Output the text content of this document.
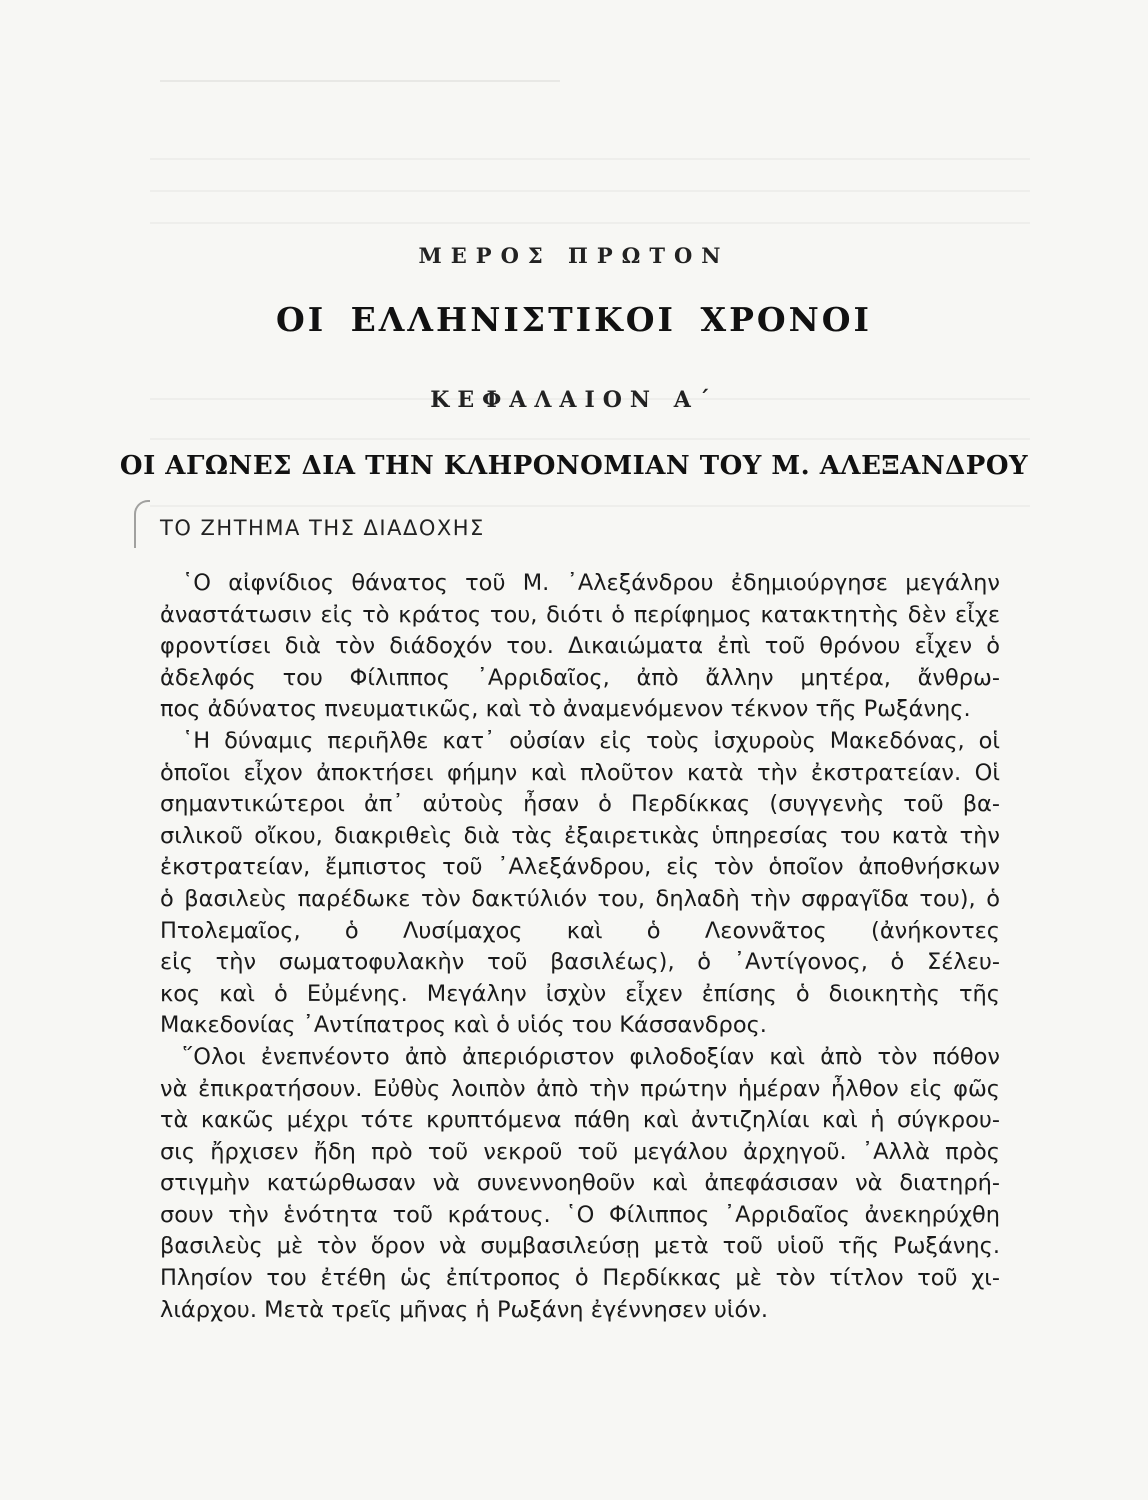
ΜΕΡΟΣ ΠΡΩΤΟΝ
ΟΙ ΕΛΛΗΝΙΣΤΙΚΟΙ ΧΡΟΝΟΙ
ΚΕΦΑΛΑΙΟΝ Α΄
ΟΙ ΑΓΩΝΕΣ ΔΙΑ ΤΗΝ ΚΛΗΡΟΝΟΜΙΑΝ ΤΟΥ Μ. ΑΛΕΞΑΝΔΡΟΥ
ΤΟ ΖΗΤΗΜΑ ΤΗΣ ΔΙΑΔΟΧΗΣ

῾Ο αἰφνίδιος θάνατος τοῦ Μ. ᾿Αλεξάνδρου ἐδημιούργησε μεγάλην
ἀναστάτωσιν εἰς τὸ κράτος του, διότι ὁ περίφημος κατακτητὴς δὲν εἶχε
φροντίσει διὰ τὸν διάδοχόν του. Δικαιώματα ἐπὶ τοῦ θρόνου εἶχεν ὁ
ἀδελφός του Φίλιππος ᾿Αρριδαῖος, ἀπὸ ἄλλην μητέρα, ἄνθρω-
πος ἀδύνατος πνευματικῶς, καὶ τὸ ἀναμενόμενον τέκνον τῆς Ρωξάνης.

῾Η δύναμις περιῆλθε κατ᾿ οὐσίαν εἰς τοὺς ἰσχυροὺς Μακεδόνας, οἱ
ὁποῖοι εἶχον ἀποκτήσει φήμην καὶ πλοῦτον κατὰ τὴν ἐκστρατείαν. Οἱ
σημαντικώτεροι ἀπ᾿ αὐτοὺς ἦσαν ὁ Περδίκκας (συγγενὴς τοῦ βα-
σιλικοῦ οἴκου, διακριθεὶς διὰ τὰς ἐξαιρετικὰς ὑπηρεσίας του κατὰ τὴν
ἐκστρατείαν, ἔμπιστος τοῦ ᾿Αλεξάνδρου, εἰς τὸν ὁποῖον ἀποθνήσκων
ὁ βασιλεὺς παρέδωκε τὸν δακτύλιόν του, δηλαδὴ τὴν σφραγῖδα του), ὁ
Πτολεμαῖος, ὁ Λυσίμαχος καὶ ὁ Λεοννᾶτος (ἀνήκοντες
εἰς τὴν σωματοφυλακὴν τοῦ βασιλέως), ὁ ᾿Αντίγονος, ὁ Σέλευ-
κος καὶ ὁ Εὐμένης. Μεγάλην ἰσχὺν εἶχεν ἐπίσης ὁ διοικητὴς τῆς
Μακεδονίας ᾿Αντίπατρος καὶ ὁ υἱός του Κάσσανδρος.

῞Ολοι ἐνεπνέοντο ἀπὸ ἀπεριόριστον φιλοδοξίαν καὶ ἀπὸ τὸν πόθον
νὰ ἐπικρατήσουν. Εὐθὺς λοιπὸν ἀπὸ τὴν πρώτην ἡμέραν ἦλθον εἰς φῶς
τὰ κακῶς μέχρι τότε κρυπτόμενα πάθη καὶ ἀντιζηλίαι καὶ ἡ σύγκρου-
σις ἤρχισεν ἤδη πρὸ τοῦ νεκροῦ τοῦ μεγάλου ἀρχηγοῦ. ᾿Αλλὰ πρὸς
στιγμὴν κατώρθωσαν νὰ συνεννοηθοῦν καὶ ἀπεφάσισαν νὰ διατηρή-
σουν τὴν ἑνότητα τοῦ κράτους. ῾Ο Φίλιππος ᾿Αρριδαῖος ἀνεκηρύχθη
βασιλεὺς μὲ τὸν ὅρον νὰ συμβασιλεύσῃ μετὰ τοῦ υἱοῦ τῆς Ρωξάνης.
Πλησίον του ἐτέθη ὡς ἐπίτροπος ὁ Περδίκκας μὲ τὸν τίτλον τοῦ χι-
λιάρχου. Μετὰ τρεῖς μῆνας ἡ Ρωξάνη ἐγέννησεν υἱόν.
